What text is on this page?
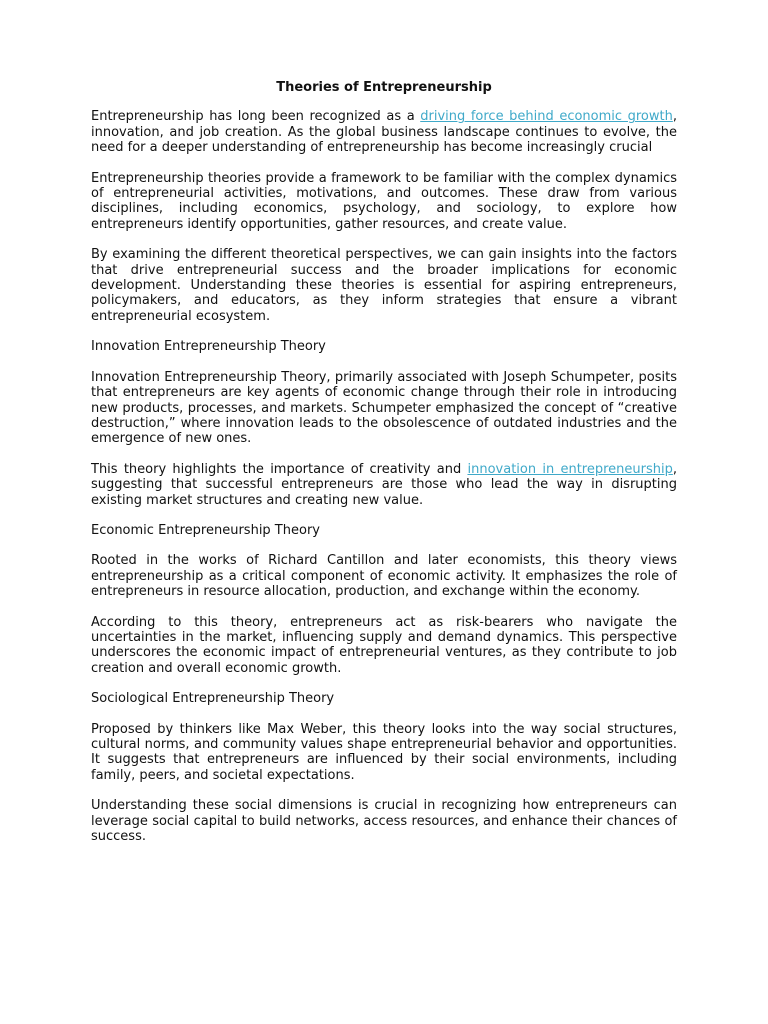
Theories of Entrepreneurship

Entrepreneurship has long been recognized as a driving force behind economic growth, innovation, and job creation. As the global business landscape continues to evolve, the need for a deeper understanding of entrepreneurship has become increasingly crucial

Entrepreneurship theories provide a framework to be familiar with the complex dynamics of entrepreneurial activities, motivations, and outcomes. These draw from various disciplines, including economics, psychology, and sociology, to explore how entrepreneurs identify opportunities, gather resources, and create value.

By examining the different theoretical perspectives, we can gain insights into the factors that drive entrepreneurial success and the broader implications for economic development. Understanding these theories is essential for aspiring entrepreneurs, policymakers, and educators, as they inform strategies that ensure a vibrant entrepreneurial ecosystem.

Innovation Entrepreneurship Theory

Innovation Entrepreneurship Theory, primarily associated with Joseph Schumpeter, posits that entrepreneurs are key agents of economic change through their role in introducing new products, processes, and markets. Schumpeter emphasized the concept of “creative destruction,” where innovation leads to the obsolescence of outdated industries and the emergence of new ones.

This theory highlights the importance of creativity and innovation in entrepreneurship, suggesting that successful entrepreneurs are those who lead the way in disrupting existing market structures and creating new value.

Economic Entrepreneurship Theory

Rooted in the works of Richard Cantillon and later economists, this theory views entrepreneurship as a critical component of economic activity. It emphasizes the role of entrepreneurs in resource allocation, production, and exchange within the economy.

According to this theory, entrepreneurs act as risk-bearers who navigate the uncertainties in the market, influencing supply and demand dynamics. This perspective underscores the economic impact of entrepreneurial ventures, as they contribute to job creation and overall economic growth.

Sociological Entrepreneurship Theory

Proposed by thinkers like Max Weber, this theory looks into the way social structures, cultural norms, and community values shape entrepreneurial behavior and opportunities. It suggests that entrepreneurs are influenced by their social environments, including family, peers, and societal expectations.

Understanding these social dimensions is crucial in recognizing how entrepreneurs can leverage social capital to build networks, access resources, and enhance their chances of success.
